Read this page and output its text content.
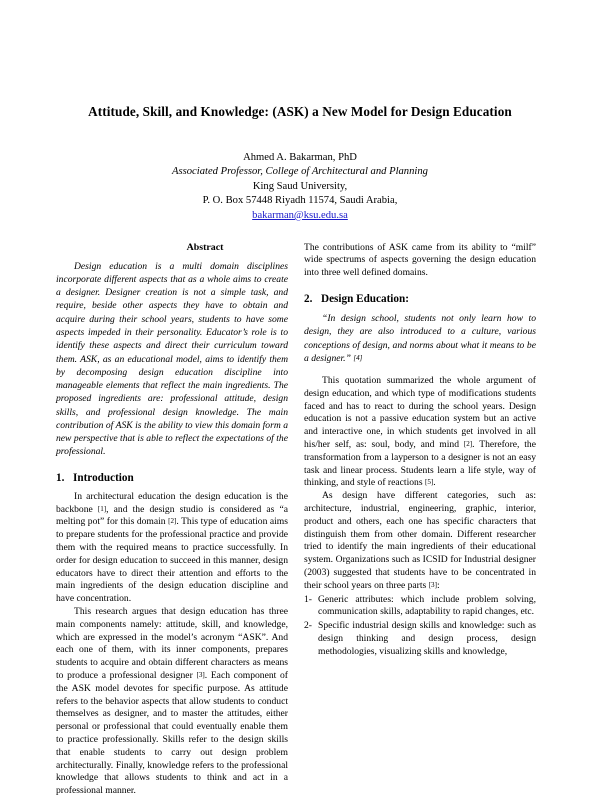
Attitude, Skill, and Knowledge: (ASK) a New Model for Design Education
Ahmed A. Bakarman, PhD
Associated Professor, College of Architectural and Planning
King Saud University,
P. O. Box 57448 Riyadh 11574, Saudi Arabia,
bakarman@ksu.edu.sa
Abstract

Design education is a multi domain disciplines incorporate different aspects that as a whole aims to create a designer. Designer creation is not a simple task, and require, beside other aspects they have to obtain and acquire during their school years, students to have some aspects impeded in their personality. Educator’s role is to identify these aspects and direct their curriculum toward them. ASK, as an educational model, aims to identify them by decomposing design education discipline into manageable elements that reflect the main ingredients. The proposed ingredients are: professional attitude, design skills, and professional design knowledge. The main contribution of ASK is the ability to view this domain form a new perspective that is able to reflect the expectations of the professional.

1. Introduction

In architectural education the design education is the backbone [1], and the design studio is considered as “a melting pot” for this domain [2]. This type of education aims to prepare students for the professional practice and provide them with the required means to practice successfully. In order for design education to succeed in this manner, design educators have to direct their attention and efforts to the main ingredients of the design education discipline and have concentration.

This research argues that design education has three main components namely: attitude, skill, and knowledge, which are expressed in the model’s acronym “ASK”. And each one of them, with its inner components, prepares students to acquire and obtain different characters as means to produce a professional designer [3]. Each component of the ASK model devotes for specific purpose. As attitude refers to the behavior aspects that allow students to conduct themselves as designer, and to master the attitudes, either personal or professional that could eventually enable them to practice professionally. Skills refer to the design skills that enable students to carry out design problem architecturally. Finally, knowledge refers to the professional knowledge that allows students to think and act in a professional manner.

The contributions of ASK came from its ability to “milf” wide spectrums of aspects governing the design education into three well defined domains.

2. Design Education:

“In design school, students not only learn how to design, they are also introduced to a culture, various conceptions of design, and norms about what it means to be a designer.” [4]

This quotation summarized the whole argument of design education, and which type of modifications students faced and has to react to during the school years. Design education is not a passive education system but an active and interactive one, in which students get involved in all his/her self, as: soul, body, and mind [2]. Therefore, the transformation from a layperson to a designer is not an easy task and linear process. Students learn a life style, way of thinking, and style of reactions [5].

As design have different categories, such as: architecture, industrial, engineering, graphic, interior, product and others, each one has specific characters that distinguish them from other domain. Different researcher tried to identify the main ingredients of their educational system. Organizations such as ICSID for Industrial designer (2003) suggested that students have to be concentrated in their school years on three parts [3]:

1- Generic attributes: which include problem solving, communication skills, adaptability to rapid changes, etc.
2- Specific industrial design skills and knowledge: such as design thinking and design process, design methodologies, visualizing skills and knowledge,
